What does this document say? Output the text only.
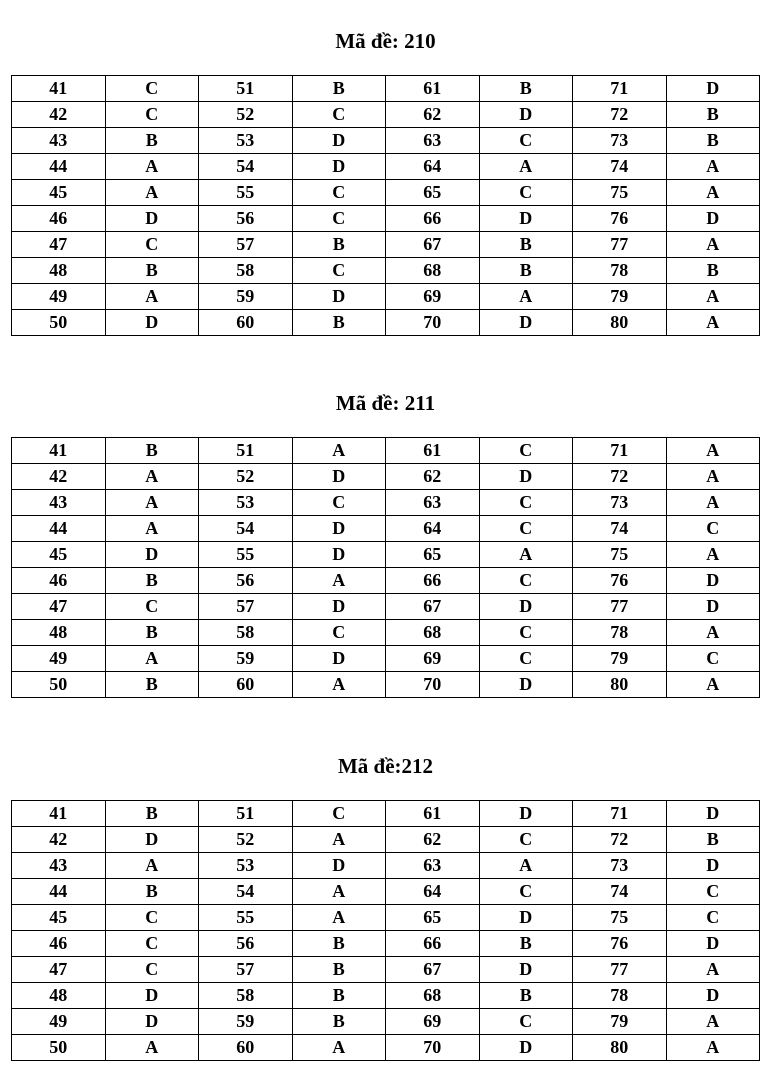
Mã đề: 210
41	C	51	B	61	B	71	D
42	C	52	C	62	D	72	B
43	B	53	D	63	C	73	B
44	A	54	D	64	A	74	A
45	A	55	C	65	C	75	A
46	D	56	C	66	D	76	D
47	C	57	B	67	B	77	A
48	B	58	C	68	B	78	B
49	A	59	D	69	A	79	A
50	D	60	B	70	D	80	A
Mã đề: 211
41	B	51	A	61	C	71	A
42	A	52	D	62	D	72	A
43	A	53	C	63	C	73	A
44	A	54	D	64	C	74	C
45	D	55	D	65	A	75	A
46	B	56	A	66	C	76	D
47	C	57	D	67	D	77	D
48	B	58	C	68	C	78	A
49	A	59	D	69	C	79	C
50	B	60	A	70	D	80	A
Mã đề:212
41	B	51	C	61	D	71	D
42	D	52	A	62	C	72	B
43	A	53	D	63	A	73	D
44	B	54	A	64	C	74	C
45	C	55	A	65	D	75	C
46	C	56	B	66	B	76	D
47	C	57	B	67	D	77	A
48	D	58	B	68	B	78	D
49	D	59	B	69	C	79	A
50	A	60	A	70	D	80	A
